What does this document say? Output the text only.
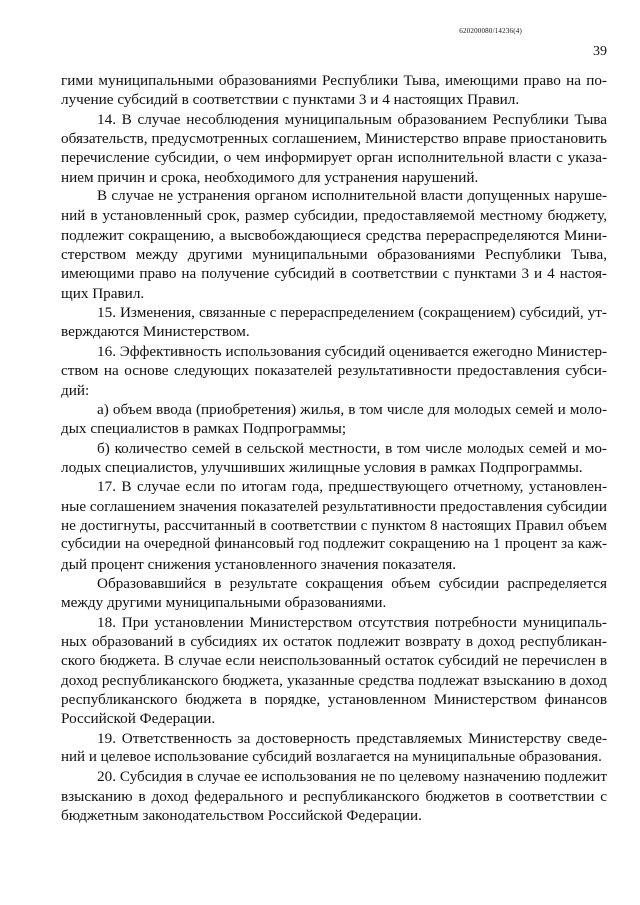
620200080/14236(4)
39

гими муниципальными образованиями Республики Тыва, имеющими право на по-
лучение субсидий в соответствии с пунктами 3 и 4 настоящих Правил.

14. В случае несоблюдения муниципальным образованием Республики Тыва
обязательств, предусмотренных соглашением, Министерство вправе приостановить
перечисление субсидии, о чем информирует орган исполнительной власти с указа-
нием причин и срока, необходимого для устранения нарушений.

В случае не устранения органом исполнительной власти допущенных наруше-
ний в установленный срок, размер субсидии, предоставляемой местному бюджету,
подлежит сокращению, а высвобождающиеся средства перераспределяются Мини-
стерством между другими муниципальными образованиями Республики Тыва,
имеющими право на получение субсидий в соответствии с пунктами 3 и 4 настоя-
щих Правил.

15. Изменения, связанные с перераспределением (сокращением) субсидий, ут-
верждаются Министерством.

16. Эффективность использования субсидий оценивается ежегодно Министер-
ством на основе следующих показателей результативности предоставления субси-
дий:

а) объем ввода (приобретения) жилья, в том числе для молодых семей и моло-
дых специалистов в рамках Подпрограммы;

б) количество семей в сельской местности, в том числе молодых семей и мо-
лодых специалистов, улучшивших жилищные условия в рамках Подпрограммы.

17. В случае если по итогам года, предшествующего отчетному, установлен-
ные соглашением значения показателей результативности предоставления субсидии
не достигнуты, рассчитанный в соответствии с пунктом 8 настоящих Правил объем
субсидии на очередной финансовый год подлежит сокращению на 1 процент за каж-
дый процент снижения установленного значения показателя.

Образовавшийся в результате сокращения объем субсидии распределяется
между другими муниципальными образованиями.

18. При установлении Министерством отсутствия потребности муниципаль-
ных образований в субсидиях их остаток подлежит возврату в доход республикан-
ского бюджета. В случае если неиспользованный остаток субсидий не перечислен в
доход республиканского бюджета, указанные средства подлежат взысканию в доход
республиканского бюджета в порядке, установленном Министерством финансов
Российской Федерации.

19. Ответственность за достоверность представляемых Министерству сведе-
ний и целевое использование субсидий возлагается на муниципальные образования.

20. Субсидия в случае ее использования не по целевому назначению подлежит
взысканию в доход федерального и республиканского бюджетов в соответствии с
бюджетным законодательством Российской Федерации.
